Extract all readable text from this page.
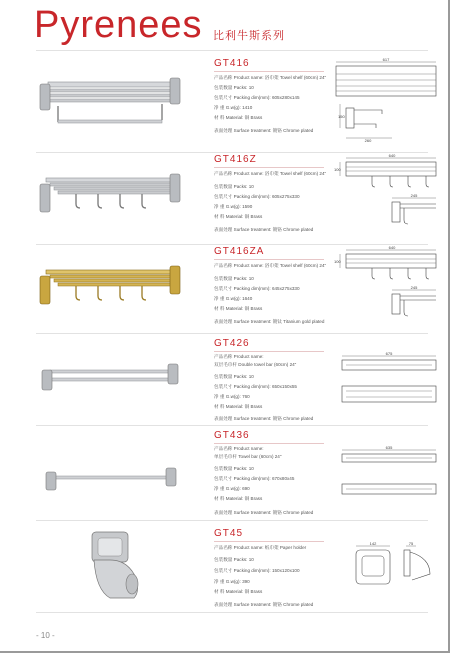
Pyrenees 比利牛斯系列
GT416
产品名称 Product name: 浴巾架 Towel shelf (60cm) 24"
包装数量 Packs: 10
包装尺寸 Packing dim(mm): 605x280x145
净 重 G.w(g): 1410
材 料 Material: 铜 Brass
表面处理 Surface treatment: 镀铬 Chrome plated
617
150
260
GT416Z
产品名称 Product name: 浴巾架 Towel shelf (60cm) 24"
包装数量 Packs: 10
包装尺寸 Packing dim(mm): 605x275x330
净 重 G.w(g): 1590
材 料 Material: 铜 Brass
表面处理 Surface treatment: 镀铬 Chrome plated
640
100
245
GT416ZA
产品名称 Product name: 浴巾架 Towel shelf (60cm) 24"
包装数量 Packs: 10
包装尺寸 Packing dim(mm): 645x275x330
净 重 G.w(g): 1640
材 料 Material: 铜 Brass
表面处理 Surface treatment: 镀钛 Titanium gold plated
640
100
245
GT426
产品名称 Product name:
双层毛巾杆 Double towel bar (60cm) 24"
包装数量 Packs: 10
包装尺寸 Packing dim(mm): 650x150x55
净 重 G.w(g): 760
材 料 Material: 铜 Brass
表面处理 Surface treatment: 镀铬 Chrome plated
675
GT436
产品名称 Product name:
单层毛巾杆 Towel bar (60cm) 24"
包装数量 Packs: 10
包装尺寸 Packing dim(mm): 670x80x45
净 重 G.w(g): 690
材 料 Material: 铜 Brass
表面处理 Surface treatment: 镀铬 Chrome plated
635
GT45
产品名称 Product name: 纸巾架 Paper holder
包装数量 Packs: 10
包装尺寸 Packing dim(mm): 150x120x100
净 重 G.w(g): 390
材 料 Material: 铜 Brass
表面处理 Surface treatment: 镀铬 Chrome plated
142	75
- 10 -
